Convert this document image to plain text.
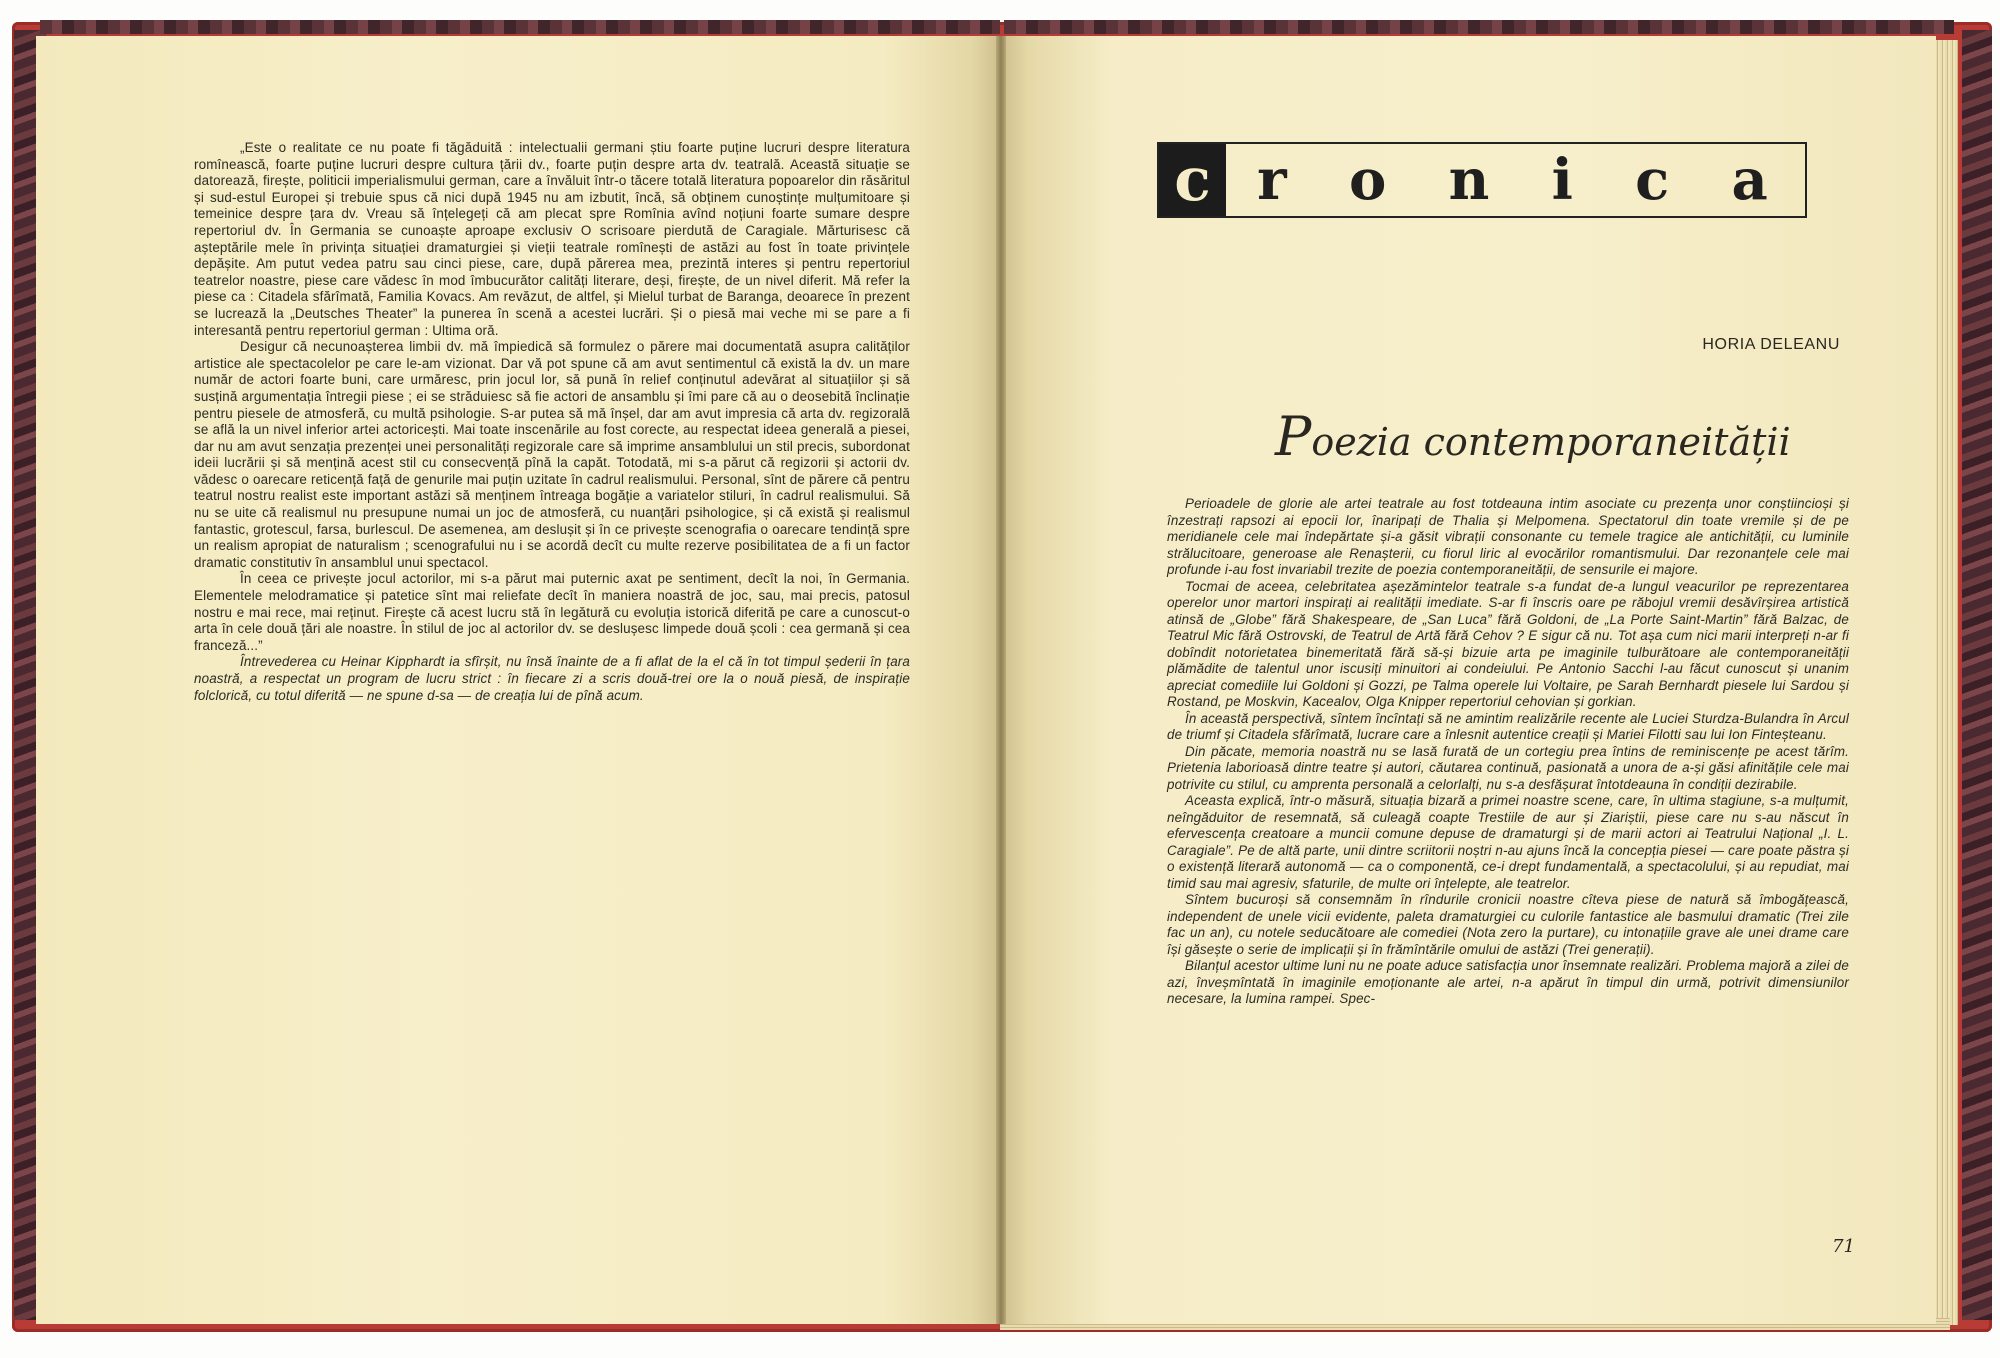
„Este o realitate ce nu poate fi tăgăduită : intelectualii germani știu foarte puține lucruri despre literatura romînească, foarte puține lucruri despre cultura țării dv., foarte puțin despre arta dv. teatrală. Această situație se datorează, firește, politicii imperialismului german, care a învăluit într-o tăcere totală literatura popoarelor din răsăritul și sud-estul Europei și trebuie spus că nici după 1945 nu am izbutit, încă, să obținem cunoștințe mulțumitoare și temeinice despre țara dv. Vreau să înțelegeți că am plecat spre Romînia avînd noțiuni foarte sumare despre repertoriul dv. În Germania se cunoaște aproape exclusiv O scrisoare pierdută de Caragiale. Mărturisesc că așteptările mele în privința situației dramaturgiei și vieții teatrale romînești de astăzi au fost în toate privințele depășite. Am putut vedea patru sau cinci piese, care, după părerea mea, prezintă interes și pentru repertoriul teatrelor noastre, piese care vădesc în mod îmbucurător calități literare, deși, firește, de un nivel diferit. Mă refer la piese ca : Citadela sfărîmată, Familia Kovacs. Am revăzut, de altfel, și Mielul turbat de Baranga, deoarece în prezent se lucrează la „Deutsches Theater” la punerea în scenă a acestei lucrări. Și o piesă mai veche mi se pare a fi interesantă pentru repertoriul german : Ultima oră.

Desigur că necunoașterea limbii dv. mă împiedică să formulez o părere mai documentată asupra calităților artistice ale spectacolelor pe care le-am vizionat. Dar vă pot spune că am avut sentimentul că există la dv. un mare număr de actori foarte buni, care urmăresc, prin jocul lor, să pună în relief conținutul adevărat al situațiilor și să susțină argumentația întregii piese ; ei se străduiesc să fie actori de ansamblu și îmi pare că au o deosebită înclinație pentru piesele de atmosferă, cu multă psihologie. S-ar putea să mă înșel, dar am avut impresia că arta dv. regizorală se află la un nivel inferior artei actoricești. Mai toate inscenările au fost corecte, au respectat ideea generală a piesei, dar nu am avut senzația prezenței unei personalități regizorale care să imprime ansamblului un stil precis, subordonat ideii lucrării și să mențină acest stil cu consecvență pînă la capăt. Totodată, mi s-a părut că regizorii și actorii dv. vădesc o oarecare reticență față de genurile mai puțin uzitate în cadrul realismului. Personal, sînt de părere că pentru teatrul nostru realist este important astăzi să menținem întreaga bogăție a variatelor stiluri, în cadrul realismului. Să nu se uite că realismul nu presupune numai un joc de atmosferă, cu nuanțări psihologice, și că există și realismul fantastic, grotescul, farsa, burlescul. De asemenea, am deslușit și în ce privește scenografia o oarecare tendință spre un realism apropiat de naturalism ; scenografului nu i se acordă decît cu multe rezerve posibilitatea de a fi un factor dramatic constitutiv în ansamblul unui spectacol.

În ceea ce privește jocul actorilor, mi s-a părut mai puternic axat pe sentiment, decît la noi, în Germania. Elementele melodramatice și patetice sînt mai reliefate decît în maniera noastră de joc, sau, mai precis, patosul nostru e mai rece, mai reținut. Firește că acest lucru stă în legătură cu evoluția istorică diferită pe care a cunoscut-o arta în cele două țări ale noastre. În stilul de joc al actorilor dv. se deslușesc limpede două școli : cea germană și cea franceză...”

Întrevederea cu Heinar Kipphardt ia sfîrșit, nu însă înainte de a fi aflat de la el că în tot timpul șederii în țara noastră, a respectat un program de lucru strict : în fiecare zi a scris două-trei ore la o nouă piesă, de inspirație folclorică, cu totul diferită — ne spune d-sa — de creația lui de pînă acum.

c r o n i c a
HORIA DELEANU
Poezia contemporaneității

Perioadele de glorie ale artei teatrale au fost totdeauna intim asociate cu prezența unor conștiincioși și înzestrați rapsozi ai epocii lor, înaripați de Thalia și Melpomena. Spectatorul din toate vremile și de pe meridianele cele mai îndepărtate și-a găsit vibrații consonante cu temele tragice ale antichității, cu luminile strălucitoare, generoase ale Renașterii, cu fiorul liric al evocărilor romantismului. Dar rezonanțele cele mai profunde i-au fost invariabil trezite de poezia contemporaneității, de sensurile ei majore.

Tocmai de aceea, celebritatea așezămintelor teatrale s-a fundat de-a lungul veacurilor pe reprezentarea operelor unor martori inspirați ai realității imediate. S-ar fi înscris oare pe răbojul vremii desăvîrșirea artistică atinsă de „Globe” fără Shakespeare, de „San Luca” fără Goldoni, de „La Porte Saint-Martin” fără Balzac, de Teatrul Mic fără Ostrovski, de Teatrul de Artă fără Cehov ? E sigur că nu. Tot așa cum nici marii interpreți n-ar fi dobîndit notorietatea binemeritată fără să-și bizuie arta pe imaginile tulburătoare ale contemporaneității plămădite de talentul unor iscusiți minuitori ai condeiului. Pe Antonio Sacchi l-au făcut cunoscut și unanim apreciat comediile lui Goldoni și Gozzi, pe Talma operele lui Voltaire, pe Sarah Bernhardt piesele lui Sardou și Rostand, pe Moskvin, Kacealov, Olga Knipper repertoriul cehovian și gorkian.

În această perspectivă, sîntem încîntați să ne amintim realizările recente ale Luciei Sturdza-Bulandra în Arcul de triumf și Citadela sfărîmată, lucrare care a înlesnit autentice creații și Mariei Filotti sau lui Ion Finteșteanu.

Din păcate, memoria noastră nu se lasă furată de un cortegiu prea întins de reminiscențe pe acest tărîm. Prietenia laborioasă dintre teatre și autori, căutarea continuă, pasionată a unora de a-și găsi afinitățile cele mai potrivite cu stilul, cu amprenta personală a celorlalți, nu s-a desfășurat întotdeauna în condiții dezirabile.

Aceasta explică, într-o măsură, situația bizară a primei noastre scene, care, în ultima stagiune, s-a mulțumit, neîngăduitor de resemnată, să culeagă coapte Trestiile de aur și Ziariștii, piese care nu s-au născut în efervescența creatoare a muncii comune depuse de dramaturgi și de marii actori ai Teatrului Național „I. L. Caragiale”. Pe de altă parte, unii dintre scriitorii noștri n-au ajuns încă la concepția piesei — care poate păstra și o existență literară autonomă — ca o componentă, ce-i drept fundamentală, a spectacolului, și au repudiat, mai timid sau mai agresiv, sfaturile, de multe ori înțelepte, ale teatrelor.

Sîntem bucuroși să consemnăm în rîndurile cronicii noastre cîteva piese de natură să îmbogățească, independent de unele vicii evidente, paleta dramaturgiei cu culorile fantastice ale basmului dramatic (Trei zile fac un an), cu notele seducătoare ale comediei (Nota zero la purtare), cu intonațiile grave ale unei drame care își găsește o serie de implicații și în frămîntările omului de astăzi (Trei generații).

Bilanțul acestor ultime luni nu ne poate aduce satisfacția unor însemnate realizări. Problema majoră a zilei de azi, înveșmîntată în imaginile emoționante ale artei, n-a apărut în timpul din urmă, potrivit dimensiunilor necesare, la lumina rampei. Spec-

71
